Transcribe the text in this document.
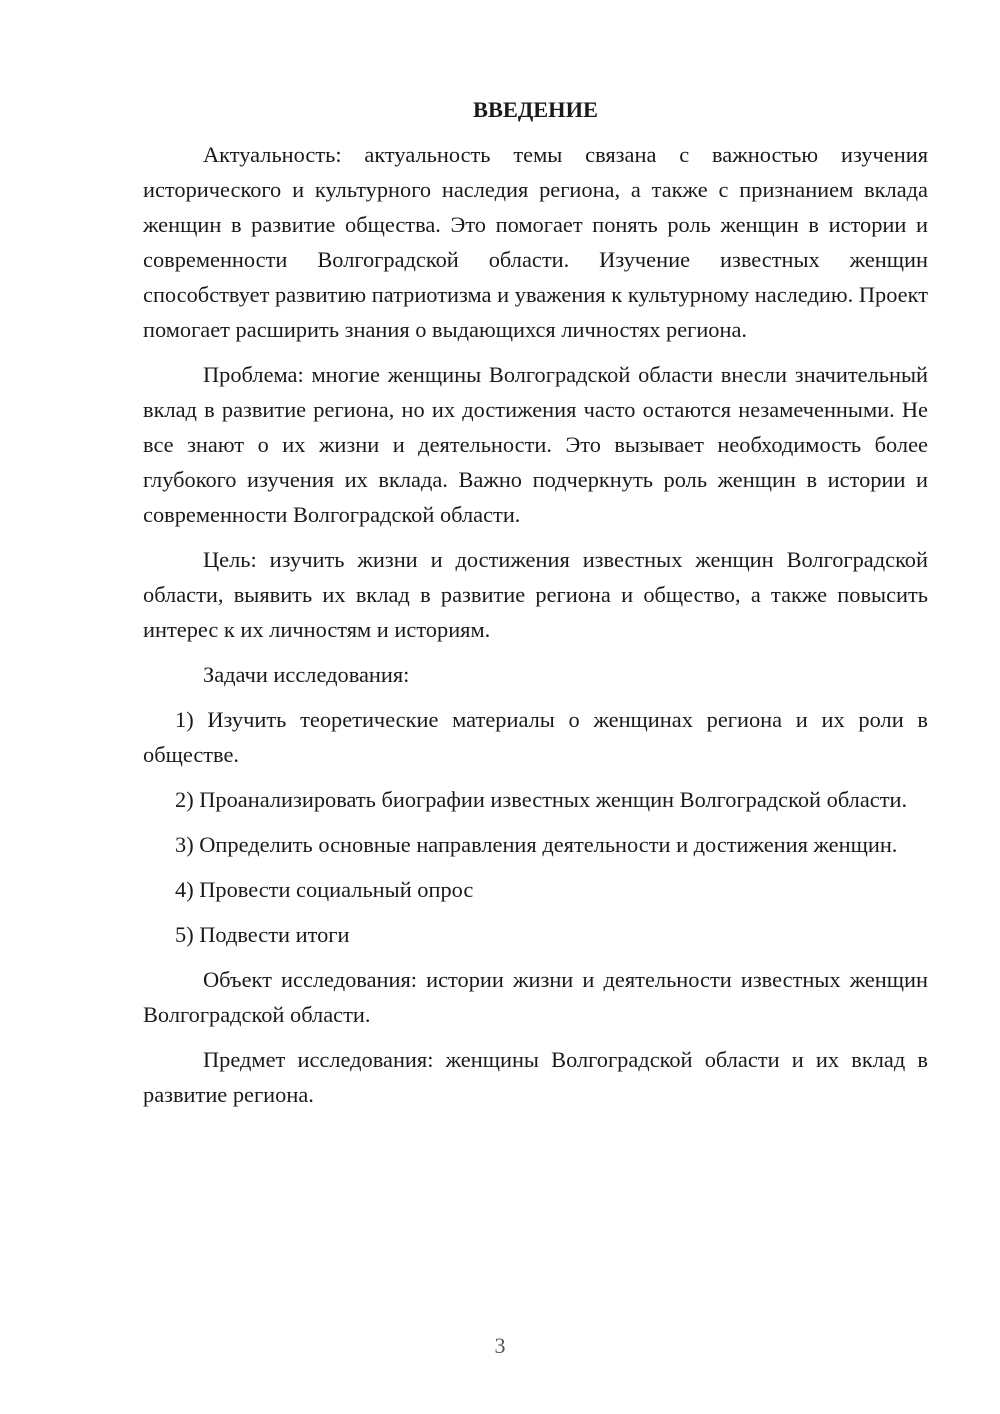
ВВЕДЕНИЕ

Актуальность: актуальность темы связана с важностью изучения исторического и культурного наследия региона, а также с признанием вклада женщин в развитие общества. Это помогает понять роль женщин в истории и современности Волгоградской области. Изучение известных женщин способствует развитию патриотизма и уважения к культурному наследию. Проект помогает расширить знания о выдающихся личностях региона.

Проблема: многие женщины Волгоградской области внесли значительный вклад в развитие региона, но их достижения часто остаются незамеченными. Не все знают о их жизни и деятельности. Это вызывает необходимость более глубокого изучения их вклада. Важно подчеркнуть роль женщин в истории и современности Волгоградской области.

Цель: изучить жизни и достижения известных женщин Волгоградской области, выявить их вклад в развитие региона и общество, а также повысить интерес к их личностям и историям.

Задачи исследования:

1) Изучить теоретические материалы о женщинах региона и их роли в обществе.

2) Проанализировать биографии известных женщин Волгоградской области.

3) Определить основные направления деятельности и достижения женщин.

4) Провести социальный опрос

5) Подвести итоги

Объект исследования: истории жизни и деятельности известных женщин Волгоградской области.

Предмет исследования: женщины Волгоградской области и их вклад в развитие региона.

3
